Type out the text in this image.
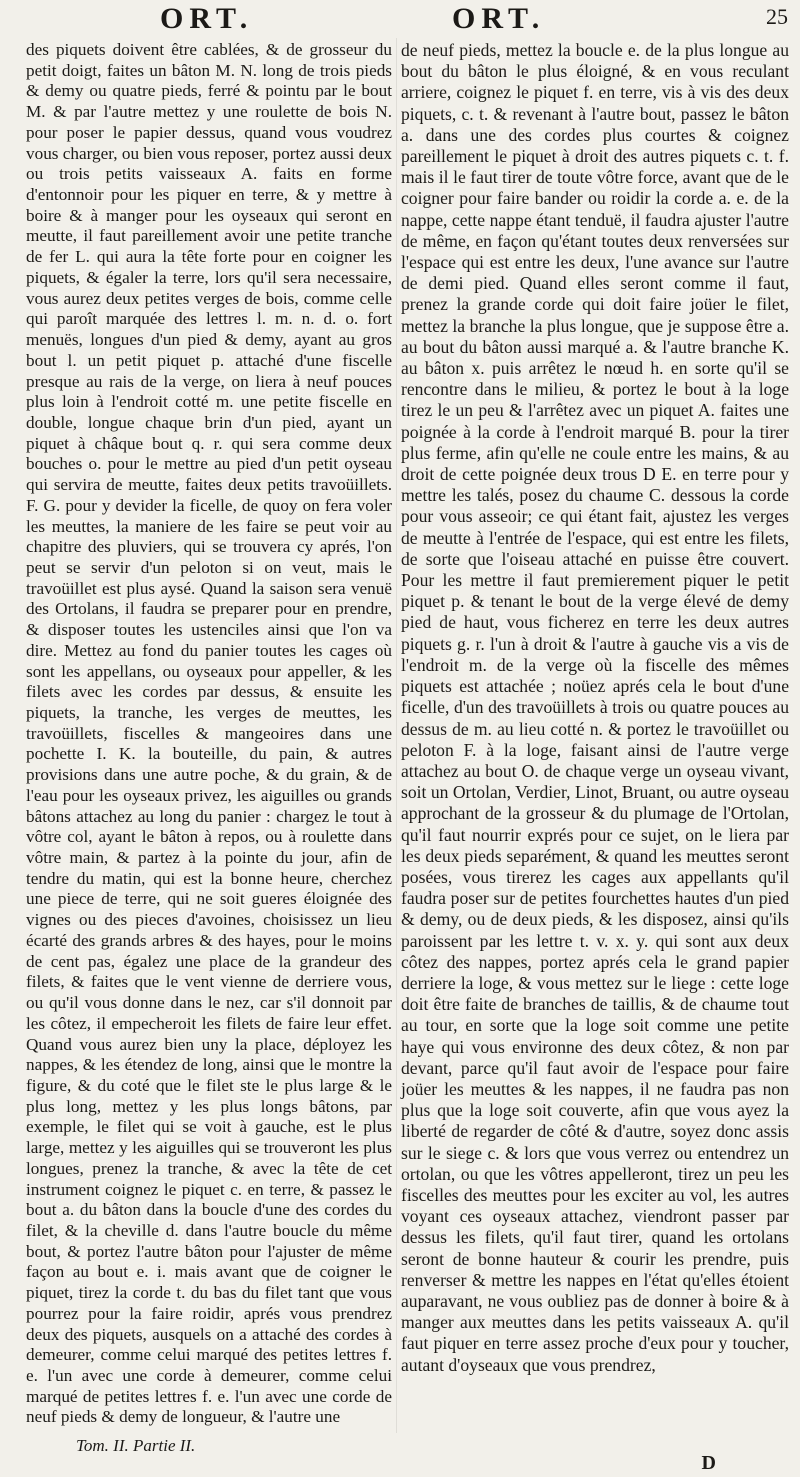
ORT.	ORT.	25

des piquets doivent être cablées, & de grosseur du petit doigt, faites un bâton M. N. long de trois pieds & demy ou quatre pieds, ferré & pointu par le bout M. & par l'autre mettez y une roulette de bois N. pour poser le papier dessus, quand vous voudrez vous charger, ou bien vous reposer, portez aussi deux ou trois petits vaisseaux A. faits en forme d'entonnoir pour les piquer en terre, & y mettre à boire & à manger pour les oyseaux qui seront en meutte, il faut pareillement avoir une petite tranche de fer L. qui aura la tête forte pour en coigner les piquets, & égaler la terre, lors qu'il sera necessaire, vous aurez deux petites verges de bois, comme celle qui paroît marquée des lettres l. m. n. d. o. fort menuës, longues d'un pied & demy, ayant au gros bout l. un petit piquet p. attaché d'une fiscelle presque au rais de la verge, on liera à neuf pouces plus loin à l'endroit cotté m. une petite fiscelle en double, longue chaque brin d'un pied, ayant un piquet à châque bout q. r. qui sera comme deux bouches o. pour le mettre au pied d'un petit oyseau qui servira de meutte, faites deux petits travoüillets. F. G. pour y devider la ficelle, de quoy on fera voler les meuttes, la maniere de les faire se peut voir au chapitre des pluviers, qui se trouvera cy aprés, l'on peut se servir d'un peloton si on veut, mais le travoüillet est plus aysé. Quand la saison sera venuë des Ortolans, il faudra se preparer pour en prendre, & disposer toutes les ustenciles ainsi que l'on va dire. Mettez au fond du panier toutes les cages où sont les appellans, ou oyseaux pour appeller, & les filets avec les cordes par dessus, & ensuite les piquets, la tranche, les verges de meuttes, les travoüillets, fiscelles & mangeoires dans une pochette I. K. la bouteille, du pain, & autres provisions dans une autre poche, & du grain, & de l'eau pour les oyseaux privez, les aiguilles ou grands bâtons attachez au long du panier : chargez le tout à vôtre col, ayant le bâton à repos, ou à roulette dans vôtre main, & partez à la pointe du jour, afin de tendre du matin, qui est la bonne heure, cherchez une piece de terre, qui ne soit gueres éloignée des vignes ou des pieces d'avoines, choisissez un lieu écarté des grands arbres & des hayes, pour le moins de cent pas, égalez une place de la grandeur des filets, & faites que le vent vienne de derriere vous, ou qu'il vous donne dans le nez, car s'il donnoit par les côtez, il empecheroit les filets de faire leur effet. Quand vous aurez bien uny la place, déployez les nappes, & les étendez de long, ainsi que le montre la figure, & du coté que le filet ste le plus large & le plus long, mettez y les plus longs bâtons, par exemple, le filet qui se voit à gauche, est le plus large, mettez y les aiguilles qui se trouveront les plus longues, prenez la tranche, & avec la tête de cet instrument coignez le piquet c. en terre, & passez le bout a. du bâton dans la boucle d'une des cordes du filet, & la cheville d. dans l'autre boucle du même bout, & portez l'autre bâton pour l'ajuster de même façon au bout e. i. mais avant que de coigner le piquet, tirez la corde t. du bas du filet tant que vous pourrez pour la faire roidir, aprés vous prendrez deux des piquets, ausquels on a attaché des cordes à demeurer, comme celui marqué des petites lettres f. e. l'un avec une corde à demeurer, comme celui marqué de petites lettres f. e. l'un avec une corde de neuf pieds & demy de longueur, & l'autre une

de neuf pieds, mettez la boucle e. de la plus longue au bout du bâton le plus éloigné, & en vous reculant arriere, coignez le piquet f. en terre, vis à vis des deux piquets, c. t. & revenant à l'autre bout, passez le bâton a. dans une des cordes plus courtes & coignez pareillement le piquet à droit des autres piquets c. t. f. mais il le faut tirer de toute vôtre force, avant que de le coigner pour faire bander ou roidir la corde a. e. de la nappe, cette nappe étant tenduë, il faudra ajuster l'autre de même, en façon qu'étant toutes deux renversées sur l'espace qui est entre les deux, l'une avance sur l'autre de demi pied. Quand elles seront comme il faut, prenez la grande corde qui doit faire joüer le filet, mettez la branche la plus longue, que je suppose être a. au bout du bâton aussi marqué a. & l'autre branche K. au bâton x. puis arrêtez le nœud h. en sorte qu'il se rencontre dans le milieu, & portez le bout à la loge tirez le un peu & l'arrêtez avec un piquet A. faites une poignée à la corde à l'endroit marqué B. pour la tirer plus ferme, afin qu'elle ne coule entre les mains, & au droit de cette poignée deux trous D E. en terre pour y mettre les talés, posez du chaume C. dessous la corde pour vous asseoir; ce qui étant fait, ajustez les verges de meutte à l'entrée de l'espace, qui est entre les filets, de sorte que l'oiseau attaché en puisse être couvert. Pour les mettre il faut premierement piquer le petit piquet p. & tenant le bout de la verge élevé de demy pied de haut, vous ficherez en terre les deux autres piquets g. r. l'un à droit & l'autre à gauche vis a vis de l'endroit m. de la verge où la fiscelle des mêmes piquets est attachée ; noüez aprés cela le bout d'une ficelle, d'un des travoüillets à trois ou quatre pouces au dessus de m. au lieu cotté n. & portez le travoüillet ou peloton F. à la loge, faisant ainsi de l'autre verge attachez au bout O. de chaque verge un oyseau vivant, soit un Ortolan, Verdier, Linot, Bruant, ou autre oyseau approchant de la grosseur & du plumage de l'Ortolan, qu'il faut nourrir exprés pour ce sujet, on le liera par les deux pieds separément, & quand les meuttes seront posées, vous tirerez les cages aux appellants qu'il faudra poser sur de petites fourchettes hautes d'un pied & demy, ou de deux pieds, & les disposez, ainsi qu'ils paroissent par les lettre t. v. x. y. qui sont aux deux côtez des nappes, portez aprés cela le grand papier derriere la loge, & vous mettez sur le liege : cette loge doit être faite de branches de taillis, & de chaume tout au tour, en sorte que la loge soit comme une petite haye qui vous environne des deux côtez, & non par devant, parce qu'il faut avoir de l'espace pour faire joüer les meuttes & les nappes, il ne faudra pas non plus que la loge soit couverte, afin que vous ayez la liberté de regarder de côté & d'autre, soyez donc assis sur le siege c. & lors que vous verrez ou entendrez un ortolan, ou que les vôtres appelleront, tirez un peu les fiscelles des meuttes pour les exciter au vol, les autres voyant ces oyseaux attachez, viendront passer par dessus les filets, qu'il faut tirer, quand les ortolans seront de bonne hauteur & courir les prendre, puis renverser & mettre les nappes en l'état qu'elles étoient auparavant, ne vous oubliez pas de donner à boire & à manger aux meuttes dans les petits vaisseaux A. qu'il faut piquer en terre assez proche d'eux pour y toucher, autant d'oyseaux que vous prendrez,

Tom. II. Partie II.
D
